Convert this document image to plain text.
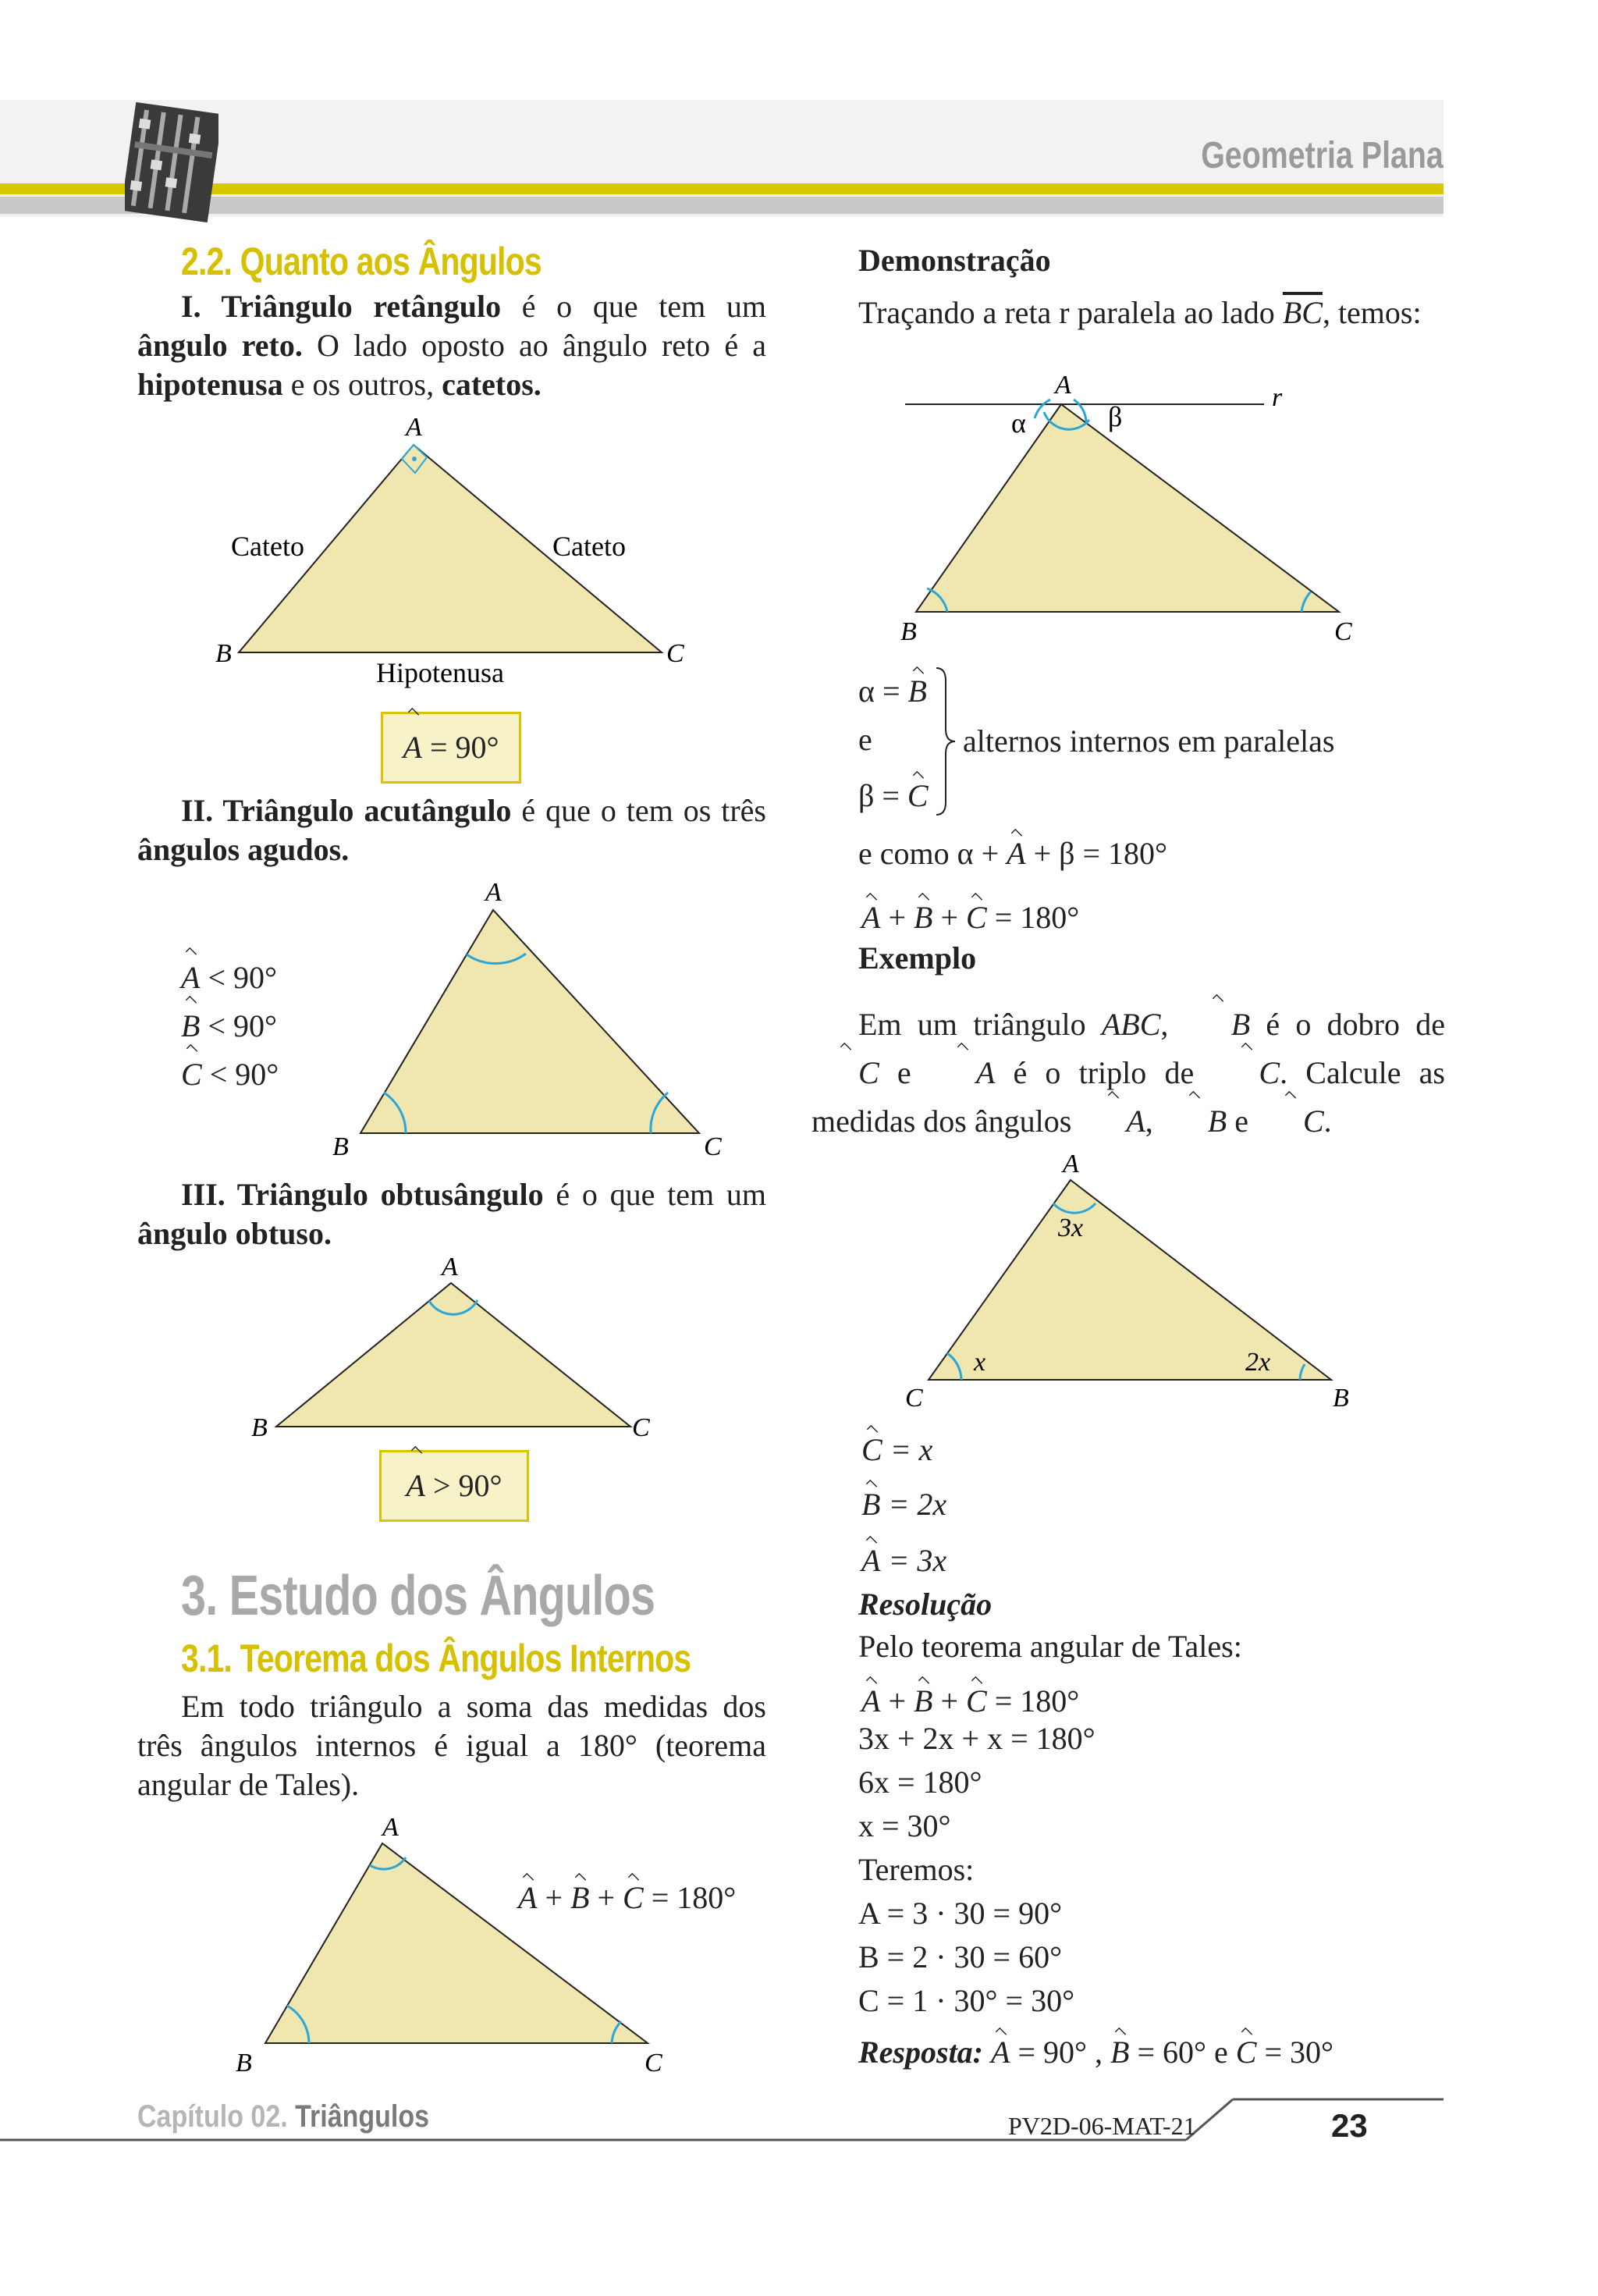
Geometria Plana
2.2. Quanto aos Ângulos
I. Triângulo retângulo é o que tem um ângulo reto. O lado oposto ao ângulo reto é a hipotenusa e os outros, catetos.
A
B	C
Cateto	Cateto
Hipotenusa
A = 90°
II. Triângulo acutângulo é que o tem os três ângulos agudos.
A
B	C
A < 90°
B < 90°
C < 90°
III. Triângulo obtusângulo é o que tem um ângulo obtuso.
A
B	C
A > 90°
3. Estudo dos Ângulos
3.1. Teorema dos Ângulos Internos
Em todo triângulo a soma das medidas dos três ângulos internos é igual a 180° (teorema angular de Tales).
A
B	C
A + B + C = 180°
Demonstração
Traçando a reta r paralela ao lado $\overline{BC}$, temos:
A
B	C
r
α	β
α = B
e
β = C
alternos internos em paralelas
e como α + A + β = 180°
A + B + C = 180°
Exemplo
Em um triângulo ABC, B é o dobro de C e A é o triplo de C. Calcule as medidas dos ângulos A, B e C.
A
C	B
3x
x	2x
C = x
B = 2x
A = 3x
Resolução
Pelo teorema angular de Tales:
A + B + C = 180°
3x + 2x + x = 180°
6x = 180°
x = 30°
Teremos:
A = 3 · 30 = 90°
B = 2 · 30 = 60°
C = 1 · 30° = 30°
Resposta: A = 90° , B = 60° e C = 30°
Capítulo 02. Triângulos	PV2D-06-MAT-21	23
